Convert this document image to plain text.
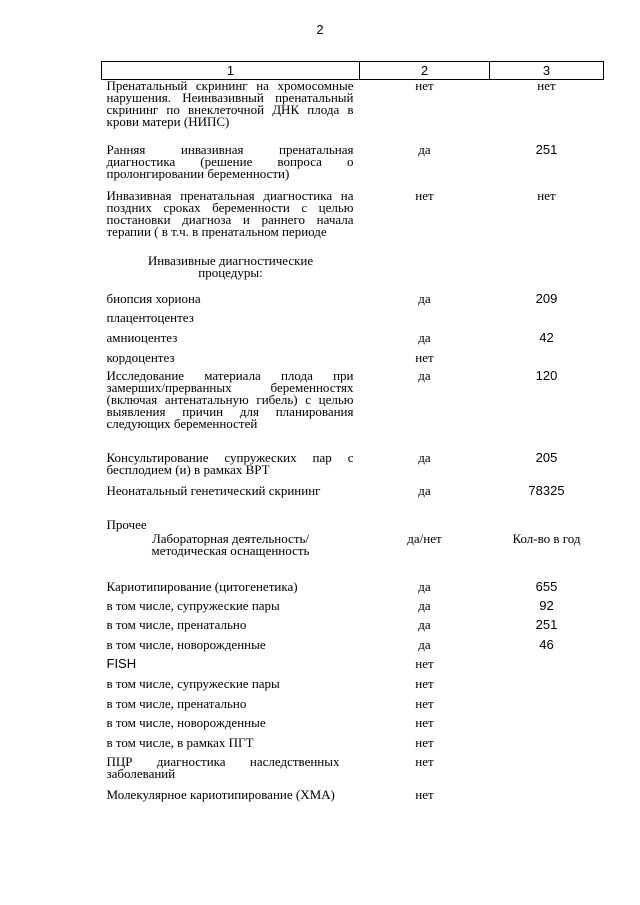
2
1	2	3
Пренатальный скрининг на хромосомные нарушения. Неинвазивный пренатальный скрининг по внеклеточной ДНК плода в крови матери (НИПС)	нет	нет
Ранняя инвазивная пренатальная диагностика (решение вопроса о пролонгировании беременности)	да	251
Инвазивная пренатальная диагностика на поздних сроках беременности с целью постановки диагноза и раннего начала терапии ( в т.ч. в пренатальном периоде	нет	нет
Инвазивные диагностические процедуры:		
биопсия хориона	да	209
плацентоцентез		
амниоцентез	да	42
кордоцентез	нет	
Исследование материала плода при замерших/прерванных беременностях (включая антенатальную гибель) с целью выявления причин для планирования следующих беременностей	да	120
Консультирование супружеских пар с бесплодием (и) в рамках ВРТ	да	205
Неонатальный генетический скрининг	да	78325
Прочее		
Лабораторная деятельность/методическая оснащенность	да/нет	Кол-во в год
Кариотипирование (цитогенетика)	да	655
в том числе, супружеские пары	да	92
в том числе, пренатально	да	251
в том числе, новорожденные	да	46
FISH	нет	
в том числе, супружеские пары	нет	
в том числе, пренатально	нет	
в том числе, новорожденные	нет	
в том числе, в рамках ПГТ	нет	
ПЦР диагностика наследственных заболеваний	нет	
Молекулярное кариотипирование (ХМА)	нет	
